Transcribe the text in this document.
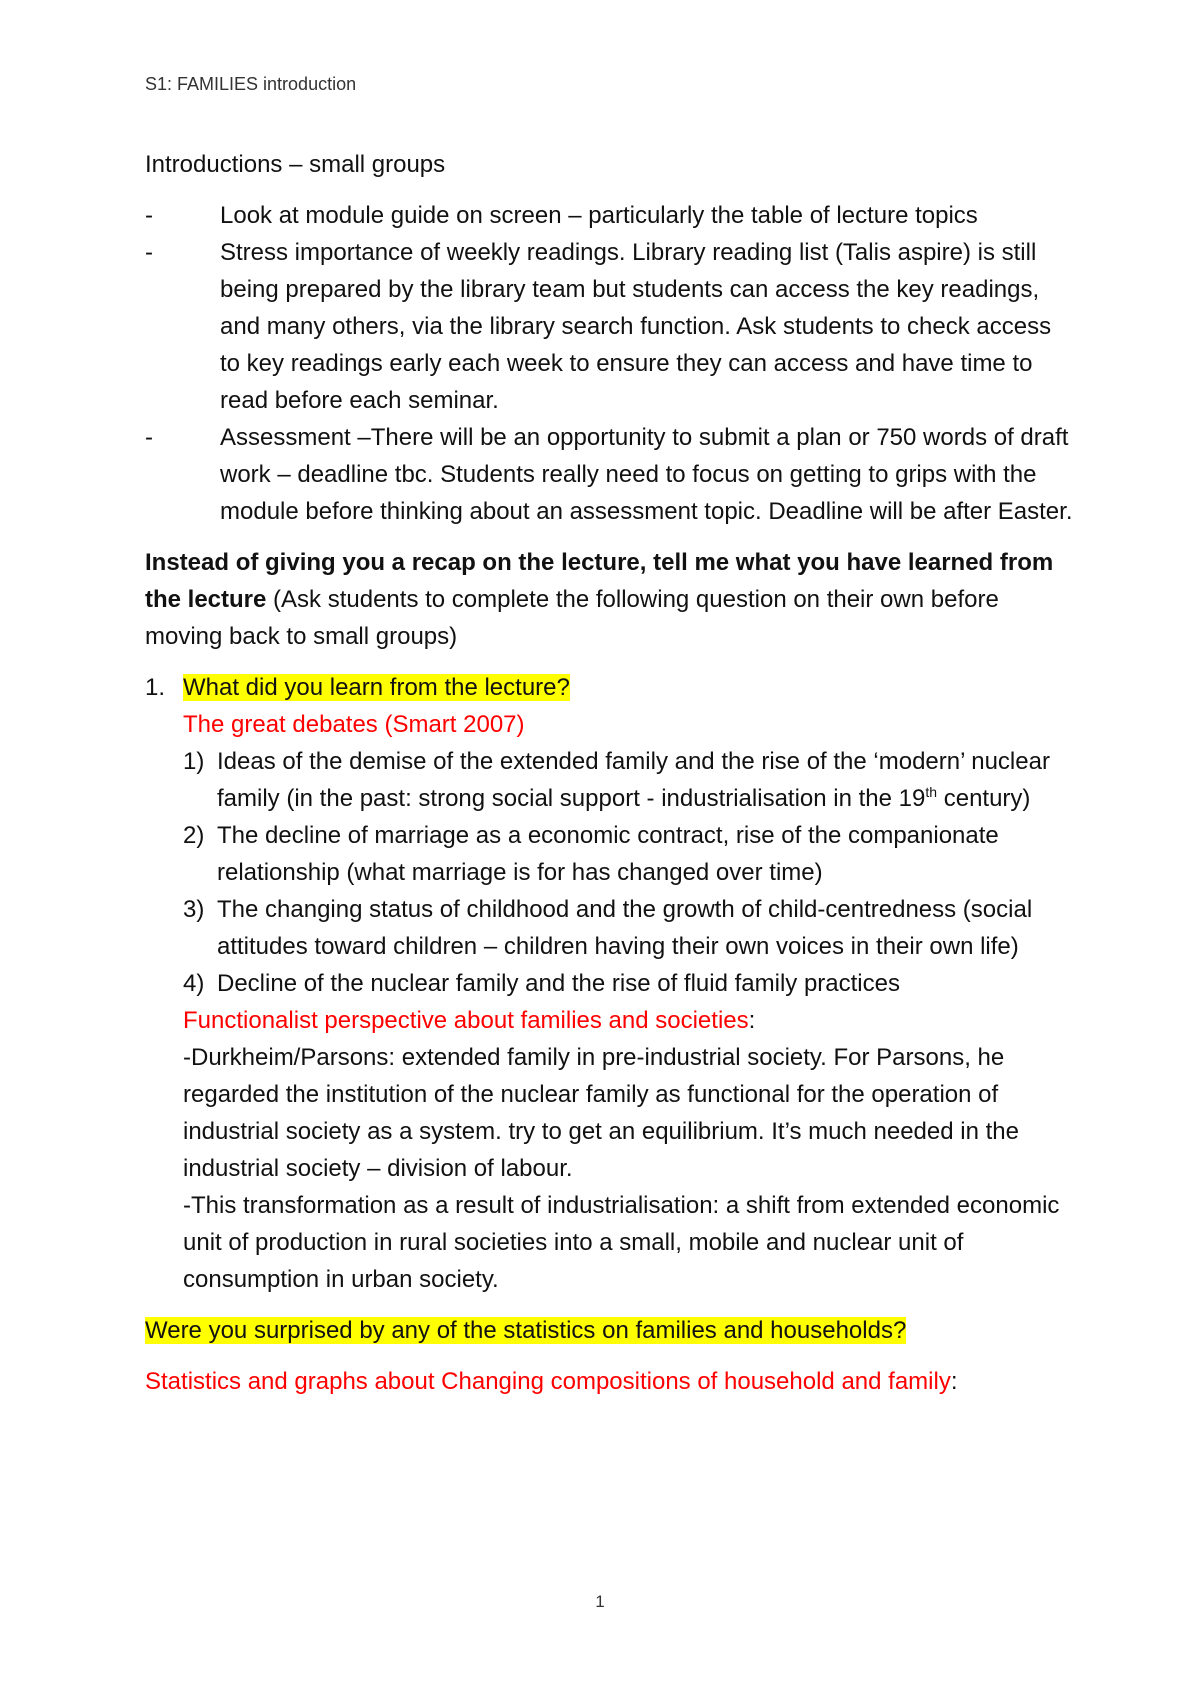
S1: FAMILIES introduction

Introductions – small groups

- Look at module guide on screen – particularly the table of lecture topics
- Stress importance of weekly readings. Library reading list (Talis aspire) is still being prepared by the library team but students can access the key readings, and many others, via the library search function. Ask students to check access to key readings early each week to ensure they can access and have time to read before each seminar.
- Assessment –There will be an opportunity to submit a plan or 750 words of draft work – deadline tbc. Students really need to focus on getting to grips with the module before thinking about an assessment topic. Deadline will be after Easter.

Instead of giving you a recap on the lecture, tell me what you have learned from the lecture (Ask students to complete the following question on their own before moving back to small groups)

1. What did you learn from the lecture?
The great debates (Smart 2007)
1) Ideas of the demise of the extended family and the rise of the ‘modern’ nuclear family (in the past: strong social support - industrialisation in the 19th century)
2) The decline of marriage as a economic contract, rise of the companionate relationship (what marriage is for has changed over time)
3) The changing status of childhood and the growth of child-centredness (social attitudes toward children – children having their own voices in their own life)
4) Decline of the nuclear family and the rise of fluid family practices
Functionalist perspective about families and societies:
-Durkheim/Parsons: extended family in pre-industrial society. For Parsons, he regarded the institution of the nuclear family as functional for the operation of industrial society as a system. try to get an equilibrium. It’s much needed in the industrial society – division of labour.
-This transformation as a result of industrialisation: a shift from extended economic unit of production in rural societies into a small, mobile and nuclear unit of consumption in urban society.

Were you surprised by any of the statistics on families and households?

Statistics and graphs about Changing compositions of household and family:

1
